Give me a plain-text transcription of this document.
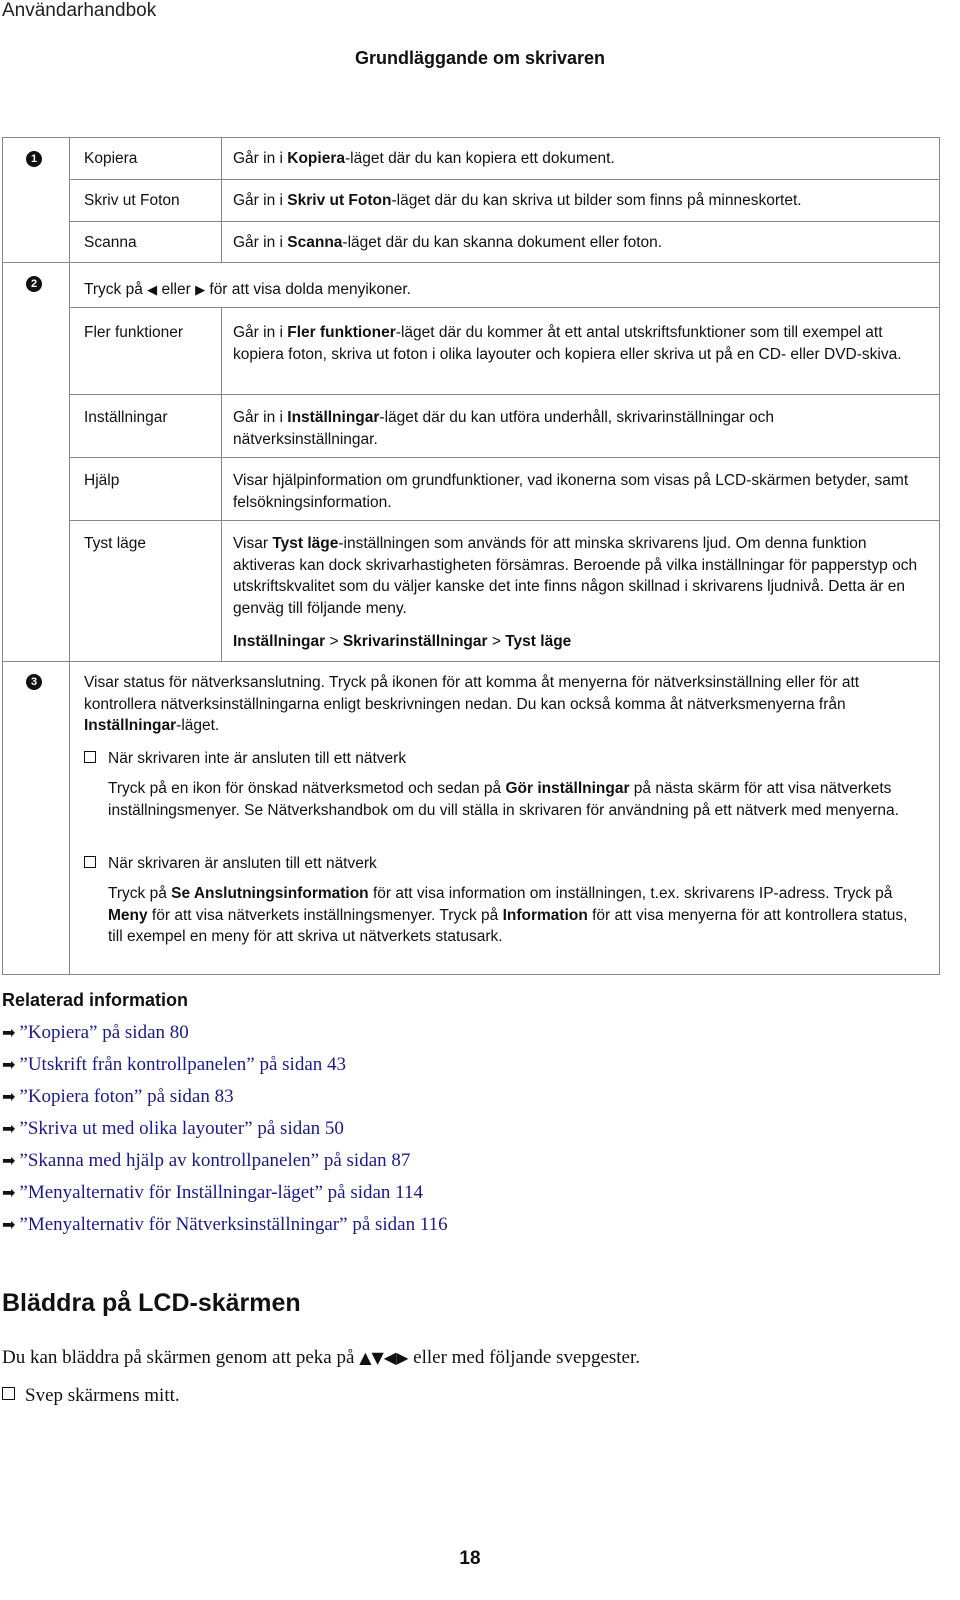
Användarhandbok
Grundläggande om skrivaren
1	Kopiera	Går in i Kopiera-läget där du kan kopiera ett dokument.
Skriv ut Foton	Går in i Skriv ut Foton-läget där du kan skriva ut bilder som finns på minneskortet.
Scanna	Går in i Scanna-läget där du kan skanna dokument eller foton.
2	Tryck på ◀ eller ▶ för att visa dolda menyikoner.
Fler funktioner	Går in i Fler funktioner-läget där du kommer åt ett antal utskriftsfunktioner som till exempel att kopiera foton, skriva ut foton i olika layouter och kopiera eller skriva ut på en CD- eller DVD-skiva.
Inställningar	Går in i Inställningar-läget där du kan utföra underhåll, skrivarinställningar och nätverksinställningar.
Hjälp	Visar hjälpinformation om grundfunktioner, vad ikonerna som visas på LCD-skärmen betyder, samt felsökningsinformation.
Tyst läge	Visar Tyst läge-inställningen som används för att minska skrivarens ljud. Om denna funktion aktiveras kan dock skrivarhastigheten försämras. Beroende på vilka inställningar för papperstyp och utskriftskvalitet som du väljer kanske det inte finns någon skillnad i skrivarens ljudnivå. Detta är en genväg till följande meny.
Inställningar > Skrivarinställningar > Tyst läge
3	Visar status för nätverksanslutning. Tryck på ikonen för att komma åt menyerna för nätverksinställning eller för att kontrollera nätverksinställningarna enligt beskrivningen nedan. Du kan också komma åt nätverksmenyerna från Inställningar-läget.
När skrivaren inte är ansluten till ett nätverk
Tryck på en ikon för önskad nätverksmetod och sedan på Gör inställningar på nästa skärm för att visa nätverkets inställningsmenyer. Se Nätverkshandbok om du vill ställa in skrivaren för användning på ett nätverk med menyerna.
När skrivaren är ansluten till ett nätverk
Tryck på Se Anslutningsinformation för att visa information om inställningen, t.ex. skrivarens IP-adress. Tryck på Meny för att visa nätverkets inställningsmenyer. Tryck på Information för att visa menyerna för att kontrollera status, till exempel en meny för att skriva ut nätverkets statusark.
Relaterad information
➡ ”Kopiera” på sidan 80
➡ ”Utskrift från kontrollpanelen” på sidan 43
➡ ”Kopiera foton” på sidan 83
➡ ”Skriva ut med olika layouter” på sidan 50
➡ ”Skanna med hjälp av kontrollpanelen” på sidan 87
➡ ”Menyalternativ för Inställningar-läget” på sidan 114
➡ ”Menyalternativ för Nätverksinställningar” på sidan 116
Bläddra på LCD-skärmen
Du kan bläddra på skärmen genom att peka på ▲▼◀▶ eller med följande svepgester.
Svep skärmens mitt.
18
